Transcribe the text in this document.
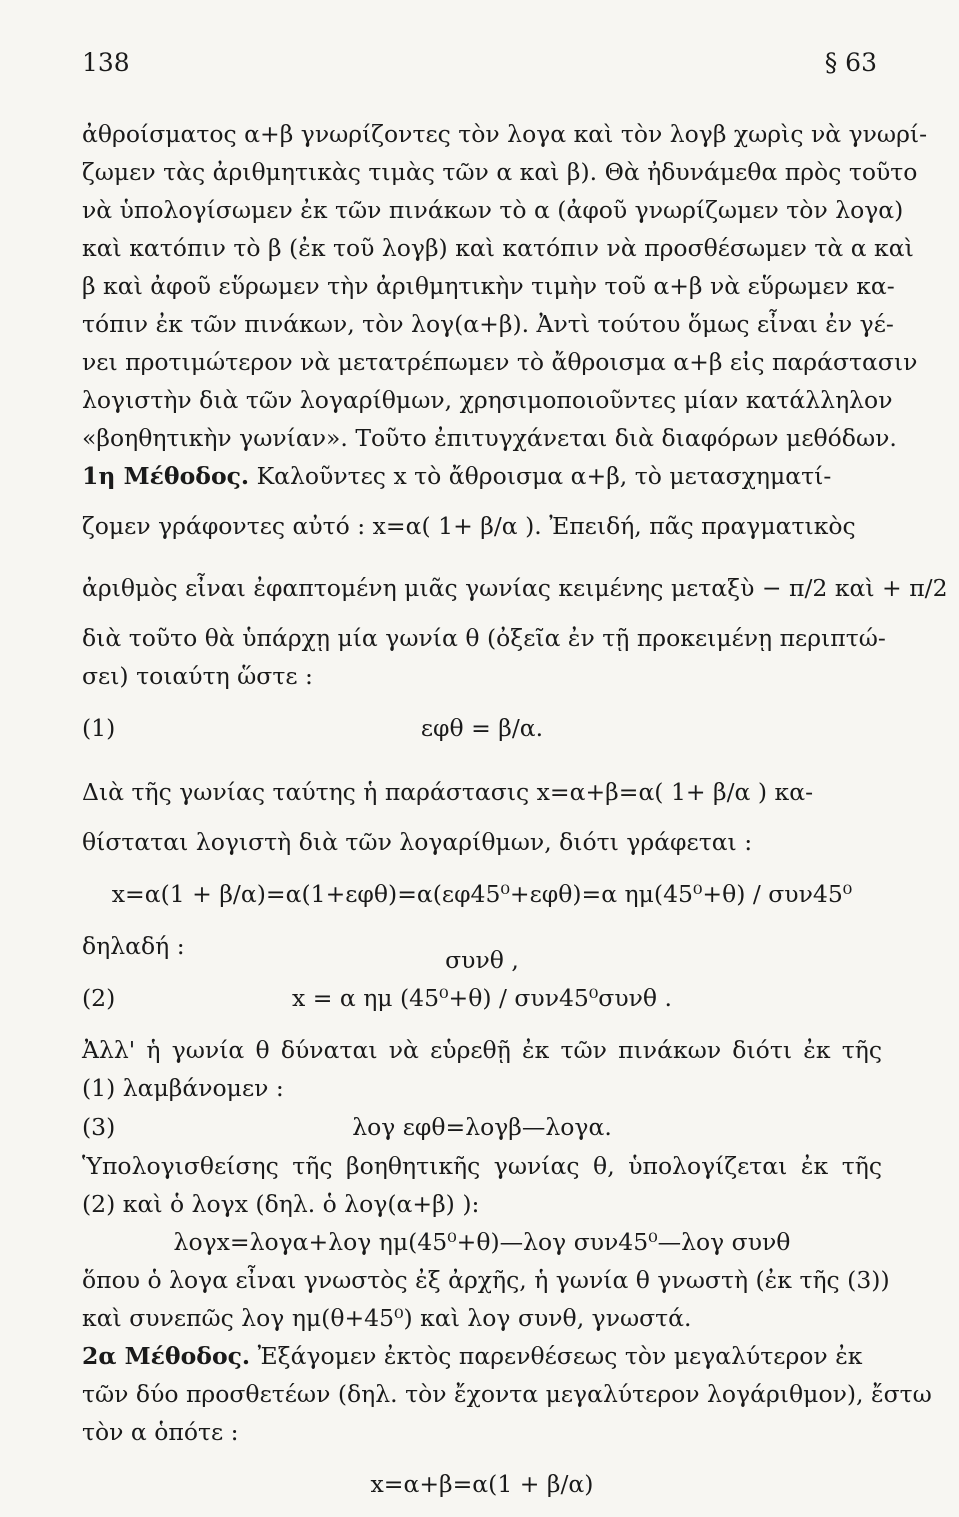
138	§ 63
ἀθροίσματος α+β γνωρίζοντες τὸν λογα καὶ τὸν λογβ χωρὶς νὰ γνωρί-
ζωμεν τὰς ἀριθμητικὰς τιμὰς τῶν α καὶ β). Θὰ ἠδυνάμεθα πρὸς τοῦτο
νὰ ὑπολογίσωμεν ἐκ τῶν πινάκων τὸ α (ἀφοῦ γνωρίζωμεν τὸν λογα)
καὶ κατόπιν τὸ β (ἐκ τοῦ λογβ) καὶ κατόπιν νὰ προσθέσωμεν τὰ α καὶ
β καὶ ἀφοῦ εὕρωμεν τὴν ἀριθμητικὴν τιμὴν τοῦ α+β νὰ εὕρωμεν κα-
τόπιν ἐκ τῶν πινάκων, τὸν λογ(α+β). Ἀντὶ τούτου ὅμως εἶναι ἐν γέ-
νει προτιμώτερον νὰ μετατρέπωμεν τὸ ἄθροισμα α+β εἰς παράστασιν
λογιστὴν διὰ τῶν λογαρίθμων, χρησιμοποιοῦντες μίαν κατάλληλον
«βοηθητικὴν γωνίαν». Τοῦτο ἐπιτυγχάνεται διὰ διαφόρων μεθόδων.
1η Μέθοδος. Καλοῦντες x τὸ ἄθροισμα α+β, τὸ μετασχηματί-
ζομεν γράφοντες αὐτό : x=α( 1+ β/α ). Ἐπειδή, πᾶς πραγματικὸς
ἀριθμὸς εἶναι ἐφαπτομένη μιᾶς γωνίας κειμένης μεταξὺ − π/2 καὶ + π/2
διὰ τοῦτο θὰ ὑπάρχῃ μία γωνία θ (ὀξεῖα ἐν τῇ προκειμένῃ περιπτώ-
σει) τοιαύτη ὥστε :
(1)	εφθ = β/α.
Διὰ τῆς γωνίας ταύτης ἡ παράστασις x=α+β=α( 1+ β/α ) κα-
θίσταται λογιστὴ διὰ τῶν λογαρίθμων, διότι γράφεται :
x=α(1 + β/α)=α(1+εφθ)=α(εφ45⁰+εφθ)=α ημ(45⁰+θ) / συν45⁰ συνθ ,
δηλαδή :
(2)	x = α ημ (45⁰+θ) / συν45⁰συνθ .
Ἀλλ' ἡ γωνία θ δύναται νὰ εὑρεθῇ ἐκ τῶν πινάκων διότι ἐκ τῆς
(1) λαμβάνομεν :
(3)	λογ εφθ=λογβ—λογα.
Ὑπολογισθείσης τῆς βοηθητικῆς γωνίας θ, ὑπολογίζεται ἐκ τῆς
(2) καὶ ὁ λογx (δηλ. ὁ λογ(α+β) ):
λογx=λογα+λογ ημ(45⁰+θ)—λογ συν45⁰—λογ συνθ
ὅπου ὁ λογα εἶναι γνωστὸς ἐξ ἀρχῆς, ἡ γωνία θ γνωστὴ (ἐκ τῆς (3))
καὶ συνεπῶς λογ ημ(θ+45⁰) καὶ λογ συνθ, γνωστά.
2α Μέθοδος. Ἐξάγομεν ἐκτὸς παρενθέσεως τὸν μεγαλύτερον ἐκ
τῶν δύο προσθετέων (δηλ. τὸν ἔχοντα μεγαλύτερον λογάριθμον), ἔστω
τὸν α ὁπότε :
x=α+β=α(1 + β/α)
